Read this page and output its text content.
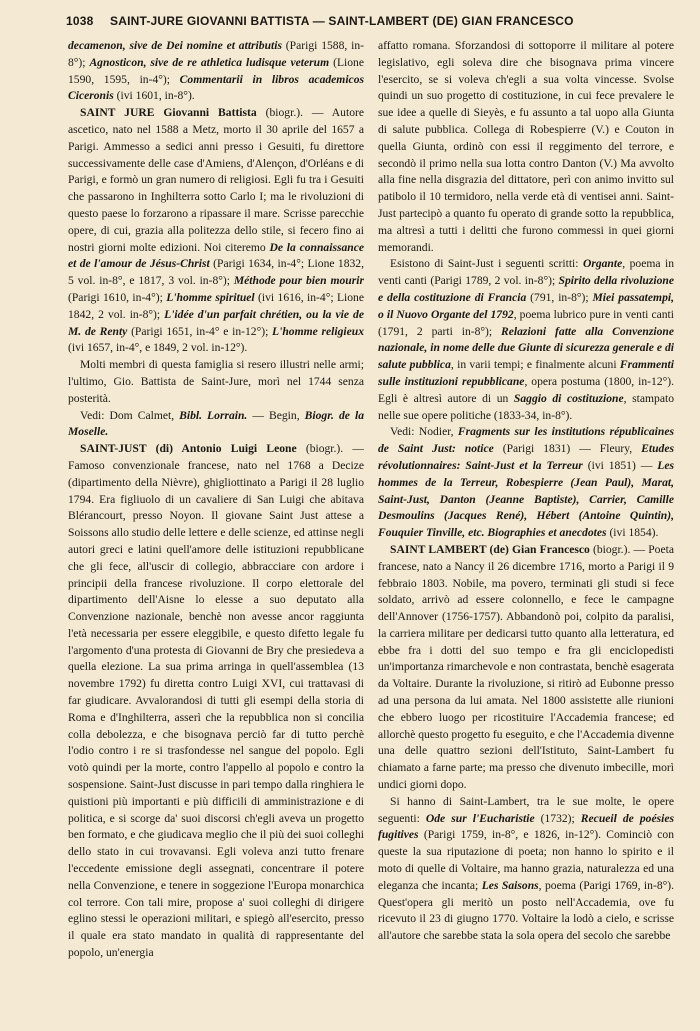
1038 SAINT-JURE GIOVANNI BATTISTA — SAINT-LAMBERT (DE) GIAN FRANCESCO

decamenon, sive de Dei nomine et attributis (Parigi 1588, in-8°); Agnosticon, sive de re athletica ludisque veterum (Lione 1590, 1595, in-4°); Commentarii in libros academicos Ciceronis (ivi 1601, in-8°).

SAINT JURE Giovanni Battista (biogr.). — Autore ascetico, nato nel 1588 a Metz, morto il 30 aprile del 1657 a Parigi. Ammesso a sedici anni presso i Gesuiti, fu direttore successivamente delle case d'Amiens, d'Alençon, d'Orléans e di Parigi, e formò un gran numero di religiosi. Egli fu tra i Gesuiti che passarono in Inghilterra sotto Carlo I; ma le rivoluzioni di questo paese lo forzarono a ripassare il mare. Scrisse parecchie opere, di cui, grazia alla politezza dello stile, si fecero fino ai nostri giorni molte edizioni. Noi citeremo De la connaissance et de l'amour de Jésus-Christ (Parigi 1634, in-4°; Lione 1832, 5 vol. in-8°, e 1817, 3 vol. in-8°); Méthode pour bien mourir (Parigi 1610, in-4°); L'homme spirituel (ivi 1616, in-4°; Lione 1842, 2 vol. in-8°); L'idée d'un parfait chrétien, ou la vie de M. de Renty (Parigi 1651, in-4° e in-12°); L'homme religieux (ivi 1657, in-4°, e 1849, 2 vol. in-12°).

Molti membri di questa famiglia si resero illustri nelle armi; l'ultimo, Gio. Battista de Saint-Jure, morì nel 1744 senza posterità.

Vedi: Dom Calmet, Bibl. Lorrain. — Begin, Biogr. de la Moselle.

SAINT-JUST (di) Antonio Luigi Leone (biogr.). — Famoso convenzionale francese, nato nel 1768 a Decize (dipartimento della Nièvre), ghigliottinato a Parigi il 28 luglio 1794. Era figliuolo di un cavaliere di San Luigi che abitava Blérancourt, presso Noyon. Il giovane Saint Just attese a Soissons allo studio delle lettere e delle scienze, ed attinse negli autori greci e latini quell'amore delle istituzioni repubblicane che gli fece, all'uscir di collegio, abbracciare con ardore i principii della francese rivoluzione. Il corpo elettorale del dipartimento dell'Aisne lo elesse a suo deputato alla Convenzione nazionale, benchè non avesse ancor raggiunta l'età necessaria per essere eleggibile, e questo difetto legale fu l'argomento d'una protesta di Giovanni de Bry che presiedeva a quella elezione. La sua prima arringa in quell'assemblea (13 novembre 1792) fu diretta contro Luigi XVI, cui trattavasi di far giudicare. Avvalorandosi di tutti gli esempi della storia di Roma e d'Inghilterra, asserì che la repubblica non si concilia colla debolezza, e che bisognava perciò far di tutto perchè l'odio contro i re si trasfondesse nel sangue del popolo. Egli votò quindi per la morte, contro l'appello al popolo e contro la sospensione. Saint-Just discusse in pari tempo dalla ringhiera le quistioni più importanti e più difficili di amministrazione e di politica, e si scorge da' suoi discorsi ch'egli aveva un progetto ben formato, e che giudicava meglio che il più dei suoi colleghi dello stato in cui trovavansi. Egli voleva anzi tutto frenare l'eccedente emissione degli assegnati, concentrare il potere nella Convenzione, e tenere in soggezione l'Europa monarchica col terrore. Con tali mire, propose a' suoi colleghi di dirigere eglino stessi le operazioni militari, e spiegò all'esercito, presso il quale era stato mandato in qualità di rappresentante del popolo, un'energia

affatto romana. Sforzandosi di sottoporre il militare al potere legislativo, egli soleva dire che bisognava prima vincere l'esercito, se si voleva ch'egli a sua volta vincesse. Svolse quindi un suo progetto di costituzione, in cui fece prevalere le sue idee a quelle di Sieyès, e fu assunto a tal uopo alla Giunta di salute pubblica. Collega di Robespierre (V.) e Couton in quella Giunta, ordinò con essi il reggimento del terrore, e secondò il primo nella sua lotta contro Danton (V.) Ma avvolto alla fine nella disgrazia del dittatore, perì con animo invitto sul patibolo il 10 termidoro, nella verde età di ventisei anni. Saint-Just partecipò a quanto fu operato di grande sotto la repubblica, ma altresì a tutti i delitti che furono commessi in quei giorni memorandi.

Esistono di Saint-Just i seguenti scritti: Organte, poema in venti canti (Parigi 1789, 2 vol. in-8°); Spirito della rivoluzione e della costituzione di Francia (791, in-8°); Miei passatempi, o il Nuovo Organte del 1792, poema lubrico pure in venti canti (1791, 2 parti in-8°); Relazioni fatte alla Convenzione nazionale, in nome delle due Giunte di sicurezza generale e di salute pubblica, in varii tempi; e finalmente alcuni Frammenti sulle instituzioni repubblicane, opera postuma (1800, in-12°). Egli è altresì autore di un Saggio di costituzione, stampato nelle sue opere politiche (1833-34, in-8°).

Vedi: Nodier, Fragments sur les institutions républicaines de Saint Just: notice (Parigi 1831) — Fleury, Etudes révolutionnaires: Saint-Just et la Terreur (ivi 1851) — Les hommes de la Terreur, Robespierre (Jean Paul), Marat, Saint-Just, Danton (Jeanne Baptiste), Carrier, Camille Desmoulins (Jacques René), Hébert (Antoine Quintin), Fouquier Tinville, etc. Biographies et anecdotes (ivi 1854).

SAINT LAMBERT (de) Gian Francesco (biogr.). — Poeta francese, nato a Nancy il 26 dicembre 1716, morto a Parigi il 9 febbraio 1803. Nobile, ma povero, terminati gli studi si fece soldato, arrivò ad essere colonnello, e fece le campagne dell'Annover (1756-1757). Abbandonò poi, colpito da paralisi, la carriera militare per dedicarsi tutto quanto alla letteratura, ed ebbe fra i dotti del suo tempo e fra gli enciclopedisti un'importanza rimarchevole e non contrastata, benchè esagerata da Voltaire. Durante la rivoluzione, si ritirò ad Eubonne presso ad una persona da lui amata. Nel 1800 assistette alle riunioni che ebbero luogo per ricostituire l'Accademia francese; ed allorchè questo progetto fu eseguito, e che l'Accademia divenne una delle quattro sezioni dell'Istituto, Saint-Lambert fu chiamato a farne parte; ma presso che divenuto imbecille, morì undici giorni dopo.

Si hanno di Saint-Lambert, tra le sue molte, le opere seguenti: Ode sur l'Eucharistie (1732); Recueil de poésies fugitives (Parigi 1759, in-8°, e 1826, in-12°). Cominciò con queste la sua riputazione di poeta; non hanno lo spirito e il moto di quelle di Voltaire, ma hanno grazia, naturalezza ed una eleganza che incanta; Les Saisons, poema (Parigi 1769, in-8°). Quest'opera gli meritò un posto nell'Accademia, ove fu ricevuto il 23 di giugno 1770. Voltaire la lodò a cielo, e scrisse all'autore che sarebbe stata la sola opera del secolo che sarebbe
